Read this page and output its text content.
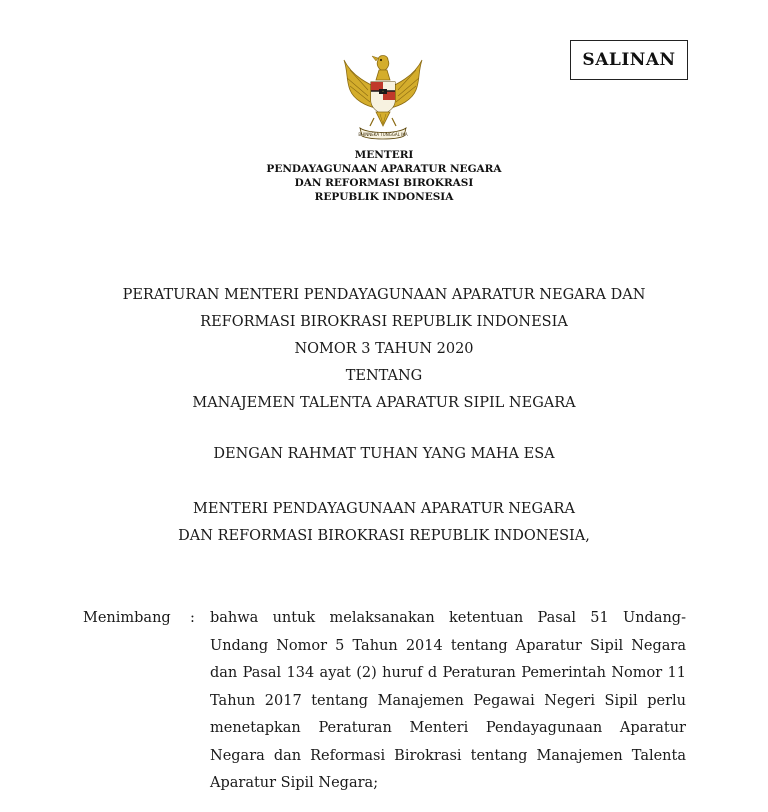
SALINAN
BHINNEKA TUNGGAL IKA
MENTERI
PENDAYAGUNAAN APARATUR NEGARA
DAN REFORMASI BIROKRASI
REPUBLIK INDONESIA
PERATURAN MENTERI PENDAYAGUNAAN APARATUR NEGARA DAN
REFORMASI BIROKRASI REPUBLIK INDONESIA
NOMOR 3 TAHUN 2020
TENTANG
MANAJEMEN TALENTA APARATUR SIPIL NEGARA
DENGAN RAHMAT TUHAN YANG MAHA ESA
MENTERI PENDAYAGUNAAN APARATUR NEGARA
DAN REFORMASI BIROKRASI REPUBLIK INDONESIA,
Menimbang : bahwa untuk melaksanakan ketentuan Pasal 51 Undang-
Undang Nomor 5 Tahun 2014 tentang Aparatur Sipil Negara
dan Pasal 134 ayat (2) huruf d Peraturan Pemerintah Nomor 11
Tahun 2017 tentang Manajemen Pegawai Negeri Sipil perlu
menetapkan Peraturan Menteri Pendayagunaan Aparatur
Negara dan Reformasi Birokrasi tentang Manajemen Talenta
Aparatur Sipil Negara;
